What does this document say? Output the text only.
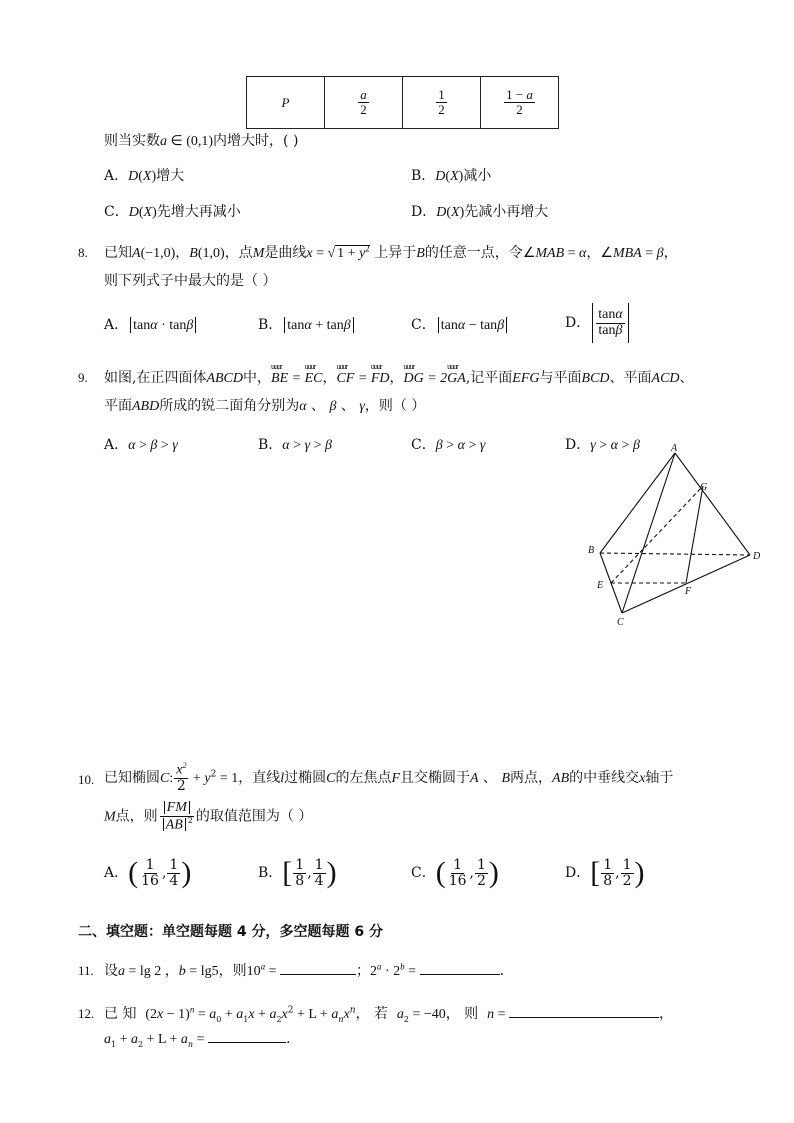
P	$\frac{a}{2}$	$\frac{1}{2}$	$\frac{1 - a}{2}$
则当实数a ∈ (0,1)内增大时，( )
A．D(X)增大	B．D(X)减小
C．D(X)先增大再减小	D．D(X)先减小再增大
8. 已知A(−1,0)，B(1,0)，点M是曲线x = √ $1 + y^2$ 上异于B的任意一点，令∠MAB = α，∠MBA = β，
则下列式子中最大的是（ ）
A． tanα · tanβ	B． tanα + tanβ	C． tanα − tanβ	D． $\frac{\tan\alpha}{\tan\beta}$
9. 如图,在正四面体ABCD中，uuur BE = uuur EC，uuur CF = uuur FD，uuur DG = 2uuur GA,记平面EFG与平面BCD、平面ACD、
平面ABD所成的锐二面角分别为α 、 β 、 γ，则（ ）
A．α > β > γ	B．α > γ > β	C．β > α > γ	D．γ > α > β	A
B
C
D
E
F
G
10. 已知椭圆C: $\frac{x^2}{2} + y^2 = 1$，直线l过椭圆C的左焦点F且交椭圆于A 、 B两点，AB的中垂线交x轴于
M点，则 $\frac{FM}{AB ^2}$ 的取值范围为（ ）
A．( $\frac{1}{16}$ , $\frac{1}{4}$ )	B．[ $\frac{1}{8}$ , $\frac{1}{4}$ )	C．( $\frac{1}{16}$ , $\frac{1}{2}$ )	D．[ $\frac{1}{8}$ , $\frac{1}{2}$ )
二、填空题：单空题每题 4 分，多空题每题 6 分
11. 设a = lg 2 ，b = lg5，则$10^a$ =	；$2^a \cdot 2^b$ =	.
12. 已 知 $(2x - 1)^n = a_0 + a_1x + a_2x^2 + L + a_nx^n$， 若 $a_2 = -40$， 则 n =	，
$a_1 + a_2 + L + a_n$ =	.
